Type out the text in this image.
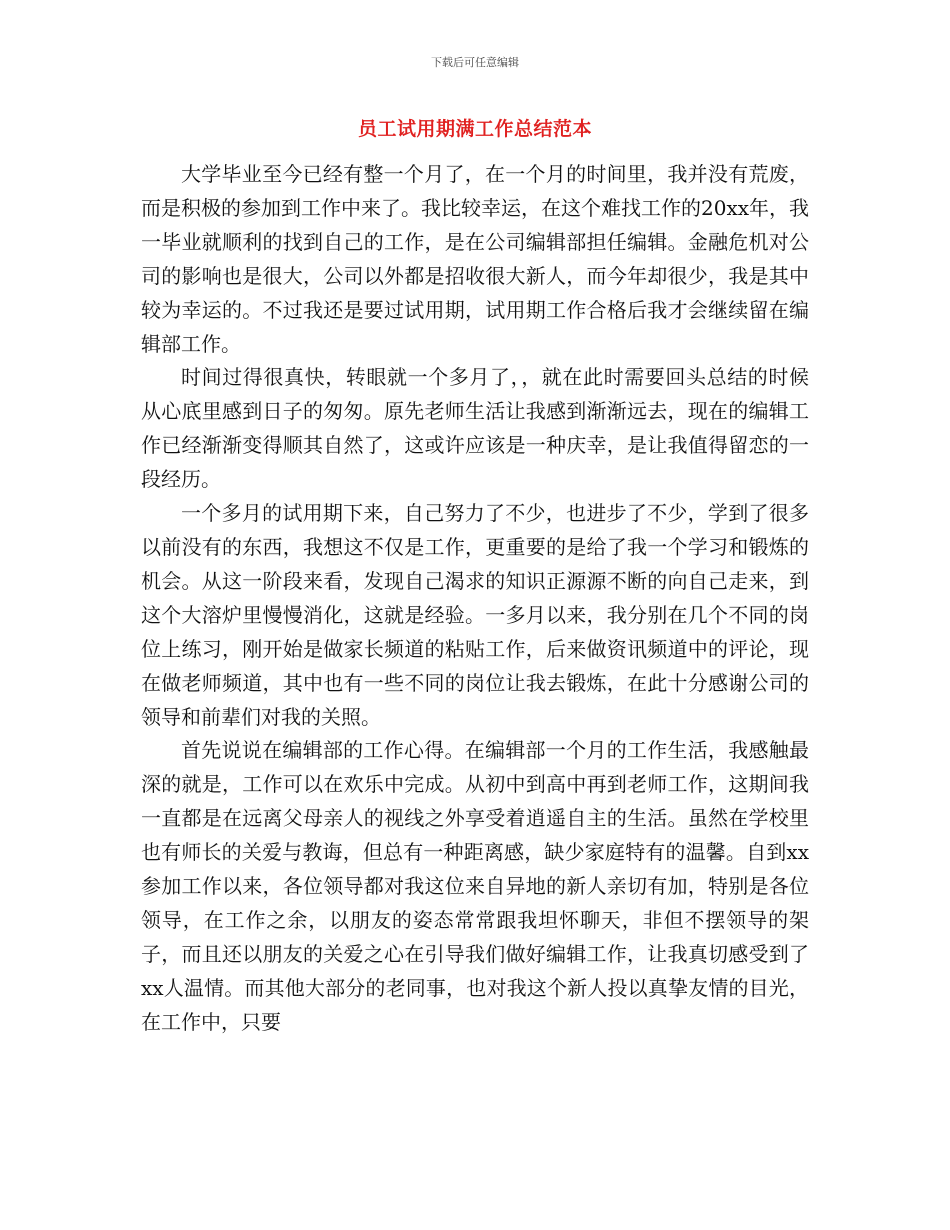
下载后可任意编辑
员工试用期满工作总结范本

大学毕业至今已经有整一个月了，在一个月的时间里，我并没有荒废，而是积极的参加到工作中来了。我比较幸运，在这个难找工作的20xx年，我一毕业就顺利的找到自己的工作，是在公司编辑部担任编辑。金融危机对公司的影响也是很大，公司以外都是招收很大新人，而今年却很少，我是其中较为幸运的。不过我还是要过试用期，试用期工作合格后我才会继续留在编辑部工作。

时间过得很真快，转眼就一个多月了，，就在此时需要回头总结的时候从心底里感到日子的匆匆。原先老师生活让我感到渐渐远去，现在的编辑工作已经渐渐变得顺其自然了，这或许应该是一种庆幸，是让我值得留恋的一段经历。

一个多月的试用期下来，自己努力了不少，也进步了不少，学到了很多以前没有的东西，我想这不仅是工作，更重要的是给了我一个学习和锻炼的机会。从这一阶段来看，发现自己渴求的知识正源源不断的向自己走来，到这个大溶炉里慢慢消化，这就是经验。一多月以来，我分别在几个不同的岗位上练习，刚开始是做家长频道的粘贴工作，后来做资讯频道中的评论，现在做老师频道，其中也有一些不同的岗位让我去锻炼，在此十分感谢公司的领导和前辈们对我的关照。

首先说说在编辑部的工作心得。在编辑部一个月的工作生活，我感触最深的就是，工作可以在欢乐中完成。从初中到高中再到老师工作，这期间我一直都是在远离父母亲人的视线之外享受着逍遥自主的生活。虽然在学校里也有师长的关爱与教诲，但总有一种距离感，缺少家庭特有的温馨。自到xx参加工作以来，各位领导都对我这位来自异地的新人亲切有加，特别是各位领导，在工作之余，以朋友的姿态常常跟我坦怀聊天，非但不摆领导的架子，而且还以朋友的关爱之心在引导我们做好编辑工作，让我真切感受到了xx人温情。而其他大部分的老同事，也对我这个新人投以真挚友情的目光，在工作中，只要
